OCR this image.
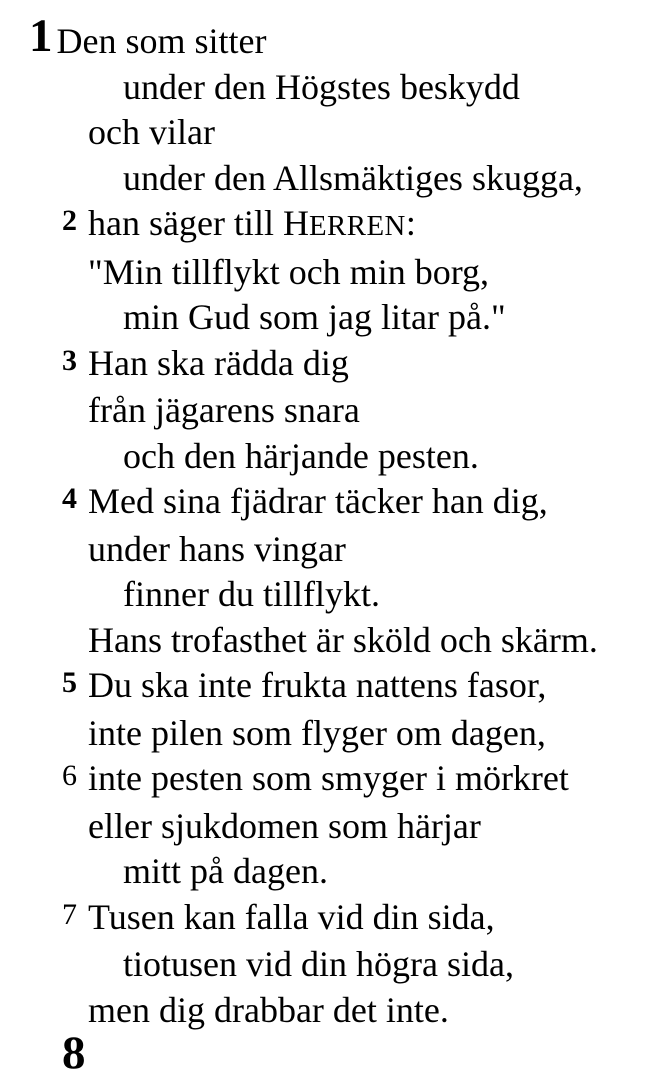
1 Den som sitter
under den Högstes beskydd
och vilar
under den Allsmäktiges skugga,
2 han säger till HERREN:
"Min tillflykt och min borg,
min Gud som jag litar på."
3 Han ska rädda dig
från jägarens snara
och den härjande pesten.
4 Med sina fjädrar täcker han dig,
under hans vingar
finner du tillflykt.
Hans trofasthet är sköld och skärm.
5 Du ska inte frukta nattens fasor,
inte pilen som flyger om dagen,
6 inte pesten som smyger i mörkret
eller sjukdomen som härjar
mitt på dagen.
7 Tusen kan falla vid din sida,
tiotusen vid din högra sida,
men dig drabbar det inte.
8
